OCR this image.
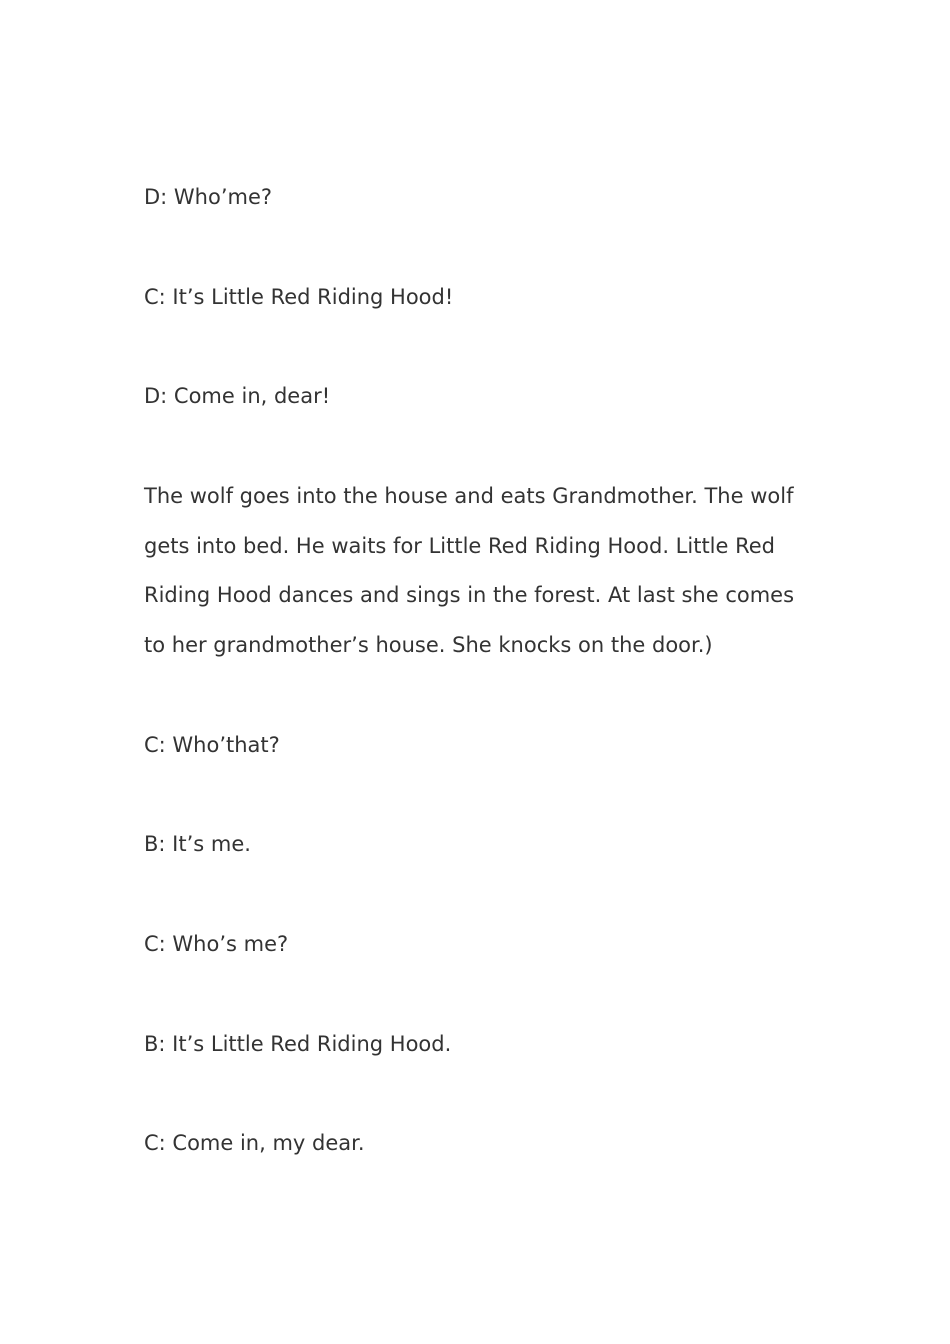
D: Who’me?

C: It’s Little Red Riding Hood!

D: Come in, dear!

The wolf goes into the house and eats Grandmother. The wolf gets into bed. He waits for Little Red Riding Hood. Little Red Riding Hood dances and sings in the forest. At last she comes to her grandmother’s house. She knocks on the door.)

C: Who’that?

B: It’s me.

C: Who’s me?

B: It’s Little Red Riding Hood.

C: Come in, my dear.
